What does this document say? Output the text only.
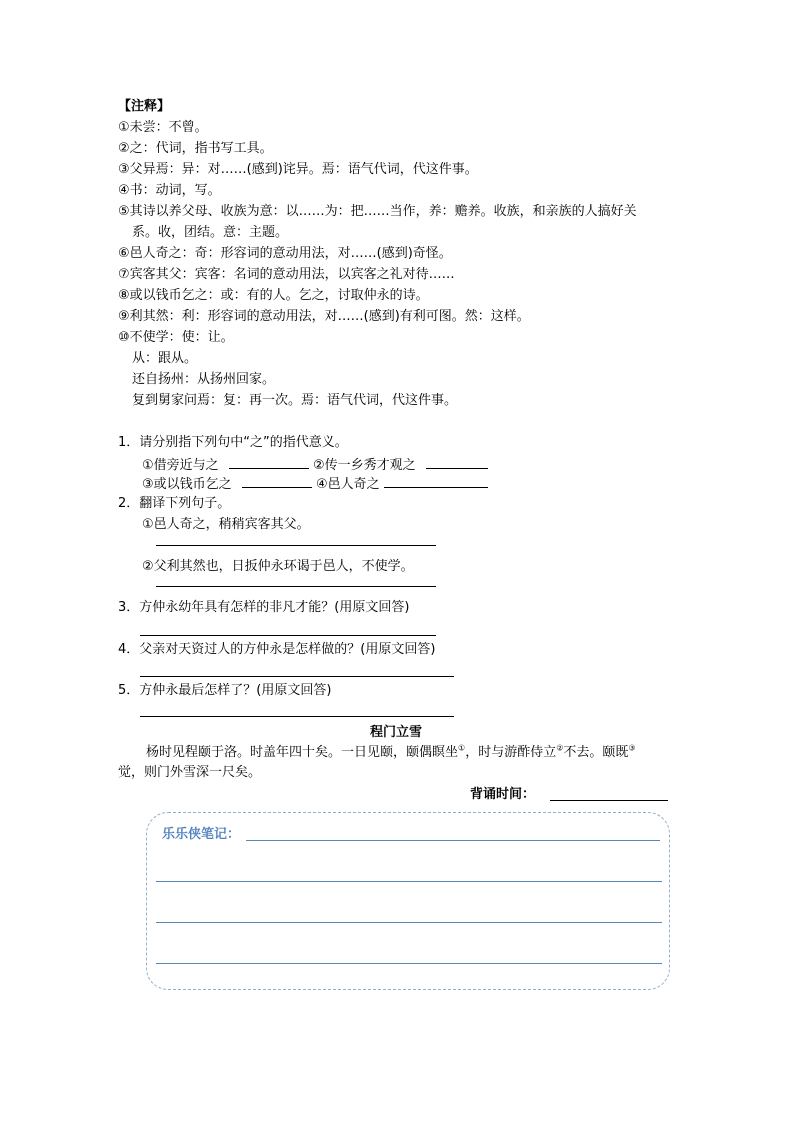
【注释】
①未尝：不曾。
②之：代词，指书写工具。
③父异焉：异：对……(感到)诧异。焉：语气代词，代这件事。
④书：动词，写。
⑤其诗以养父母、收族为意：以……为：把……当作，养：赡养。收族，和亲族的人搞好关
系。收，团结。意：主题。
⑥邑人奇之：奇：形容词的意动用法，对……(感到)奇怪。
⑦宾客其父：宾客：名词的意动用法，以宾客之礼对待……
⑧或以钱币乞之：或：有的人。乞之，讨取仲永的诗。
⑨利其然：利：形容词的意动用法，对……(感到)有利可图。然：这样。
⑩不使学：使：让。
从：跟从。
还自扬州：从扬州回家。
复到舅家问焉：复：再一次。焉：语气代词，代这件事。
1．请分别指下列句中“之”的指代意义。
①借旁近与之	②传一乡秀才观之
③或以钱币乞之	④邑人奇之
2．翻译下列句子。
①邑人奇之，稍稍宾客其父。
②父利其然也，日扳仲永环谒于邑人，不使学。
3．方仲永幼年具有怎样的非凡才能？(用原文回答)
4．父亲对天资过人的方仲永是怎样做的？(用原文回答)
5．方仲永最后怎样了？(用原文回答)
程门立雪
杨时见程颐于洛。时盖年四十矣。一日见颐，颐偶瞑坐①，时与游酢侍立②不去。颐既③
觉，则门外雪深一尺矣。
背诵时间：
乐乐侠笔记：
